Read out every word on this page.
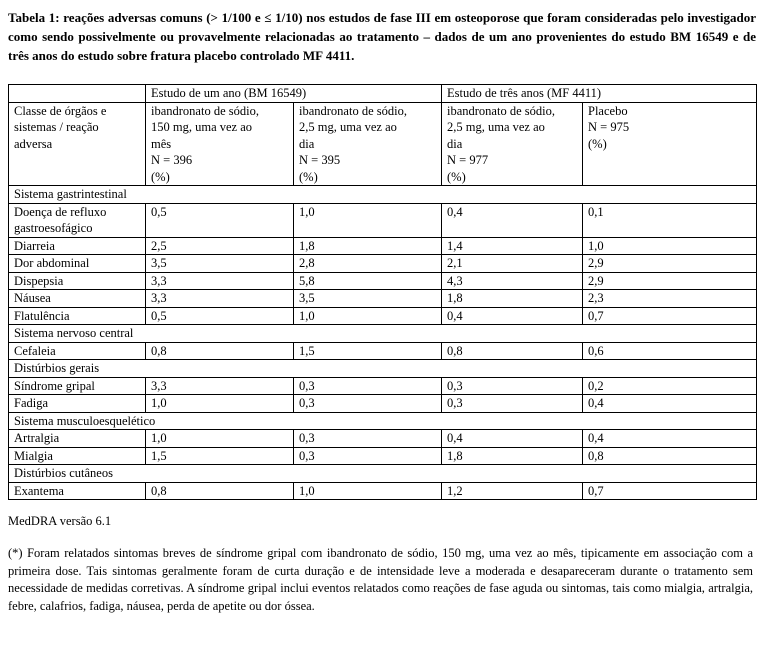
Tabela 1: reações adversas comuns (> 1/100 e ≤ 1/10) nos estudos de fase III em osteoporose que foram consideradas pelo investigador como sendo possivelmente ou provavelmente relacionadas ao tratamento – dados de um ano provenientes do estudo BM 16549 e de três anos do estudo sobre fratura placebo controlado MF 4411.
	Estudo de um ano (BM 16549)		Estudo de três anos (MF 4411)	
Classe de órgãos e
sistemas / reação
adversa	ibandronato de sódio,
150 mg, uma vez ao
mês
N = 396
(%)	ibandronato de sódio,
2,5 mg, uma vez ao
dia
N = 395
(%)	ibandronato de sódio,
2,5 mg, uma vez ao
dia
N = 977
(%)	Placebo
N = 975
(%)
Sistema gastrintestinal				
Doença de refluxo
gastroesofágico	0,5	1,0	0,4	0,1
Diarreia	2,5	1,8	1,4	1,0
Dor abdominal	3,5	2,8	2,1	2,9
Dispepsia	3,3	5,8	4,3	2,9
Náusea	3,3	3,5	1,8	2,3
Flatulência	0,5	1,0	0,4	0,7
Sistema nervoso central				
Cefaleia	0,8	1,5	0,8	0,6
Distúrbios gerais				
Síndrome gripal	3,3	0,3	0,3	0,2
Fadiga	1,0	0,3	0,3	0,4
Sistema musculoesquelético				
Artralgia	1,0	0,3	0,4	0,4
Mialgia	1,5	0,3	1,8	0,8
Distúrbios cutâneos				
Exantema	0,8	1,0	1,2	0,7
MedDRA versão 6.1
(*) Foram relatados sintomas breves de síndrome gripal com ibandronato de sódio, 150 mg, uma vez ao mês, tipicamente em associação com a primeira dose. Tais sintomas geralmente foram de curta duração e de intensidade leve a moderada e desapareceram durante o tratamento sem necessidade de medidas corretivas. A síndrome gripal inclui eventos relatados como reações de fase aguda ou sintomas, tais como mialgia, artralgia, febre, calafrios, fadiga, náusea, perda de apetite ou dor óssea.
